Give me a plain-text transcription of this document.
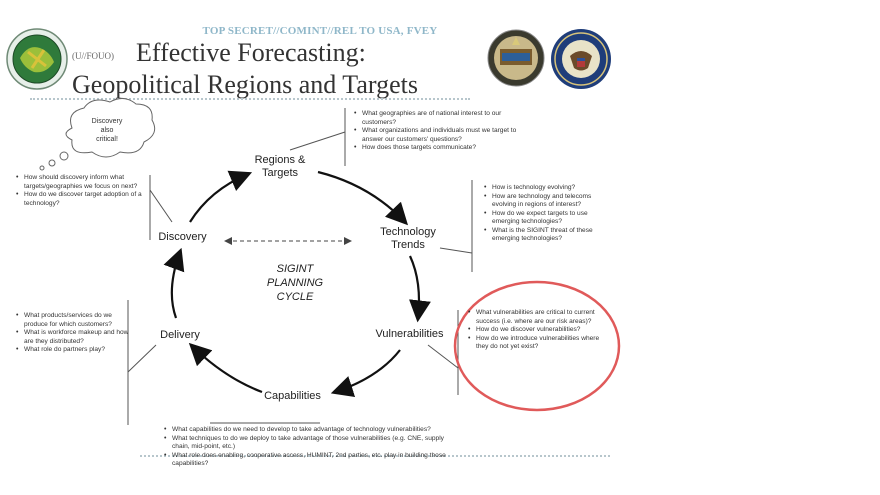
TOP SECRET//COMINT//REL TO USA, FVEY
(U//FOUO) Effective Forecasting:
Geopolitical Regions and Targets
Discovery
also
critical!
Regions &
Targets
Technology
Trends
Vulnerabilities
Capabilities
Delivery
Discovery
SIGINT
PLANNING
CYCLE
• What geographies are of national interest to our customers?
• What organizations and individuals must we target to answer our customers' questions?
• How does those targets communicate?
• How is technology evolving?
• How are technology and telecoms evolving in regions of interest?
• How do we expect targets to use emerging technologies?
• What is the SIGINT threat of these emerging technologies?
• What vulnerabilities are critical to current success (i.e. where are our risk areas)?
• How do we discover vulnerabilities?
• How do we introduce vulnerabilities where they do not yet exist?
• What capabilities do we need to develop to take advantage of technology vulnerabilities?
• What techniques to do we deploy to take advantage of those vulnerabilities (e.g. CNE, supply chain, mid-point, etc.)
• What role does enabling, cooperative access, HUMINT, 2nd parties, etc. play in building those capabilities?
• What products/services do we produce for which customers?
• What is workforce makeup and how are they distributed?
• What role do partners play?
• How should discovery inform what targets/geographies we focus on next?
• How do we discover target adoption of a technology?
